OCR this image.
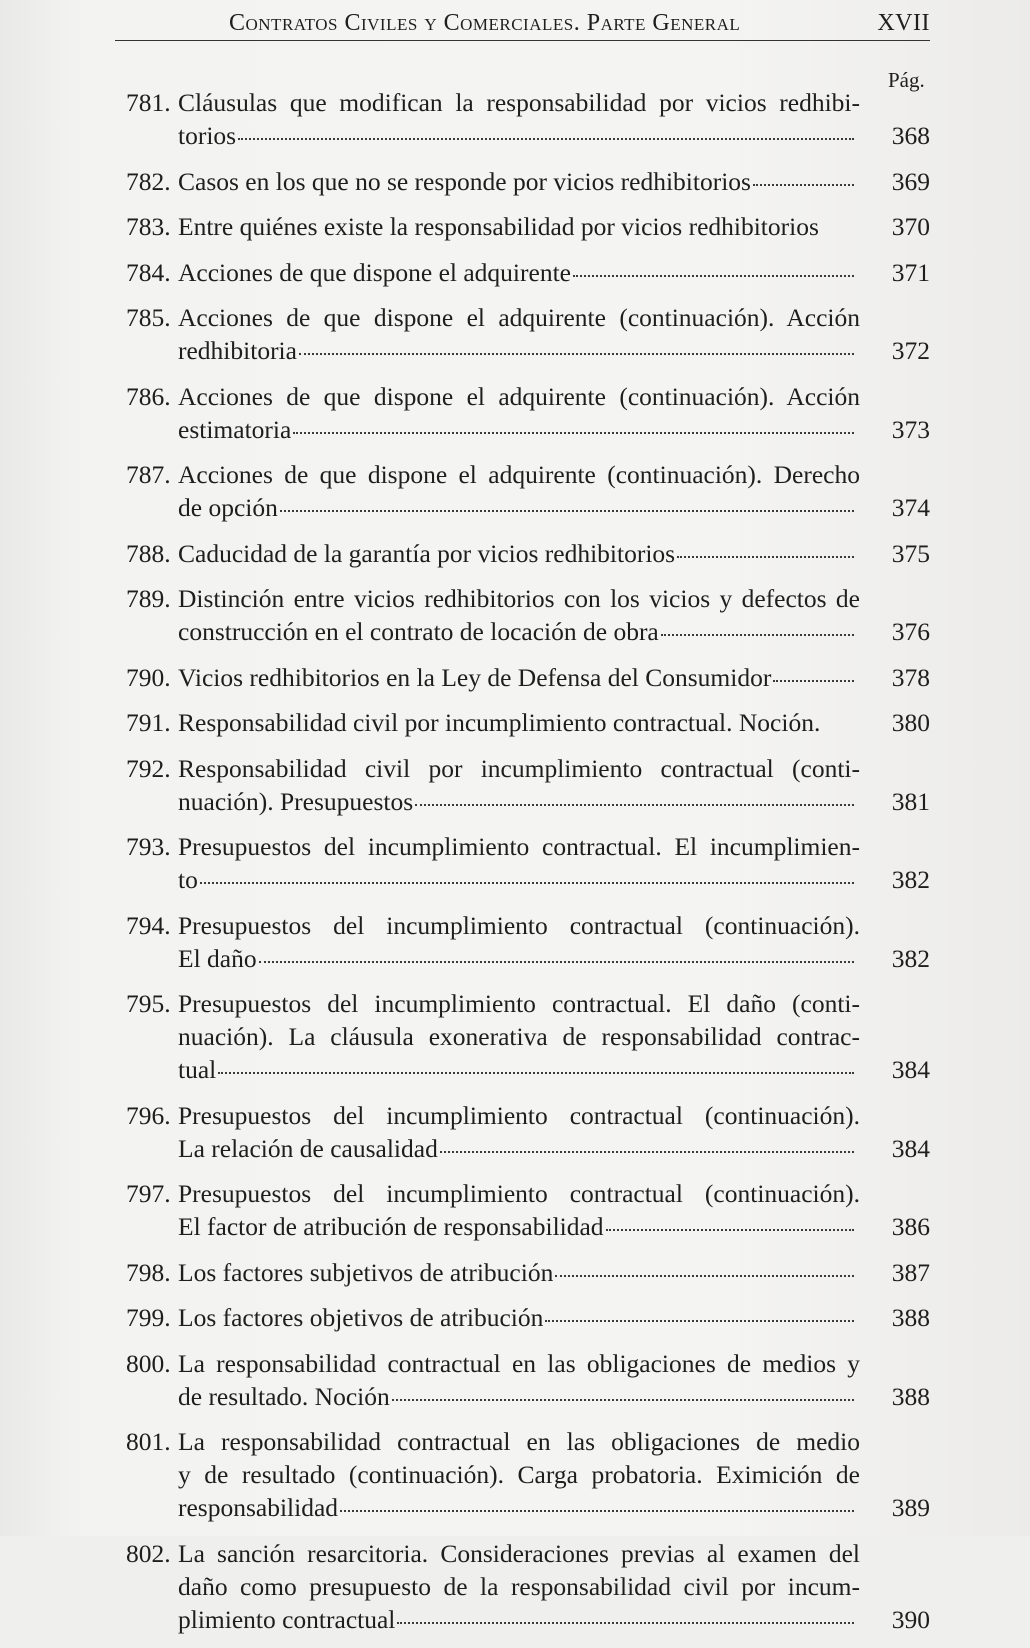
Contratos Civiles y Comerciales. Parte General	XVII
Pág.
781. Cláusulas que modifican la responsabilidad por vicios redhibi-
torios	368
782. Casos en los que no se responde por vicios redhibitorios	369
783. Entre quiénes existe la responsabilidad por vicios redhibitorios	370
784. Acciones de que dispone el adquirente	371
785. Acciones de que dispone el adquirente (continuación). Acción
redhibitoria	372
786. Acciones de que dispone el adquirente (continuación). Acción
estimatoria	373
787. Acciones de que dispone el adquirente (continuación). Derecho
de opción	374
788. Caducidad de la garantía por vicios redhibitorios	375
789. Distinción entre vicios redhibitorios con los vicios y defectos de
construcción en el contrato de locación de obra	376
790. Vicios redhibitorios en la Ley de Defensa del Consumidor	378
791. Responsabilidad civil por incumplimiento contractual. Noción.	380
792. Responsabilidad civil por incumplimiento contractual (conti-
nuación). Presupuestos	381
793. Presupuestos del incumplimiento contractual. El incumplimien-
to	382
794. Presupuestos del incumplimiento contractual (continuación).
El daño	382
795. Presupuestos del incumplimiento contractual. El daño (conti-
nuación). La cláusula exonerativa de responsabilidad contrac-
tual	384
796. Presupuestos del incumplimiento contractual (continuación).
La relación de causalidad	384
797. Presupuestos del incumplimiento contractual (continuación).
El factor de atribución de responsabilidad	386
798. Los factores subjetivos de atribución	387
799. Los factores objetivos de atribución	388
800. La responsabilidad contractual en las obligaciones de medios y
de resultado. Noción	388
801. La responsabilidad contractual en las obligaciones de medio
y de resultado (continuación). Carga probatoria. Eximición de
responsabilidad	389
802. La sanción resarcitoria. Consideraciones previas al examen del
daño como presupuesto de la responsabilidad civil por incum-
plimiento contractual	390
